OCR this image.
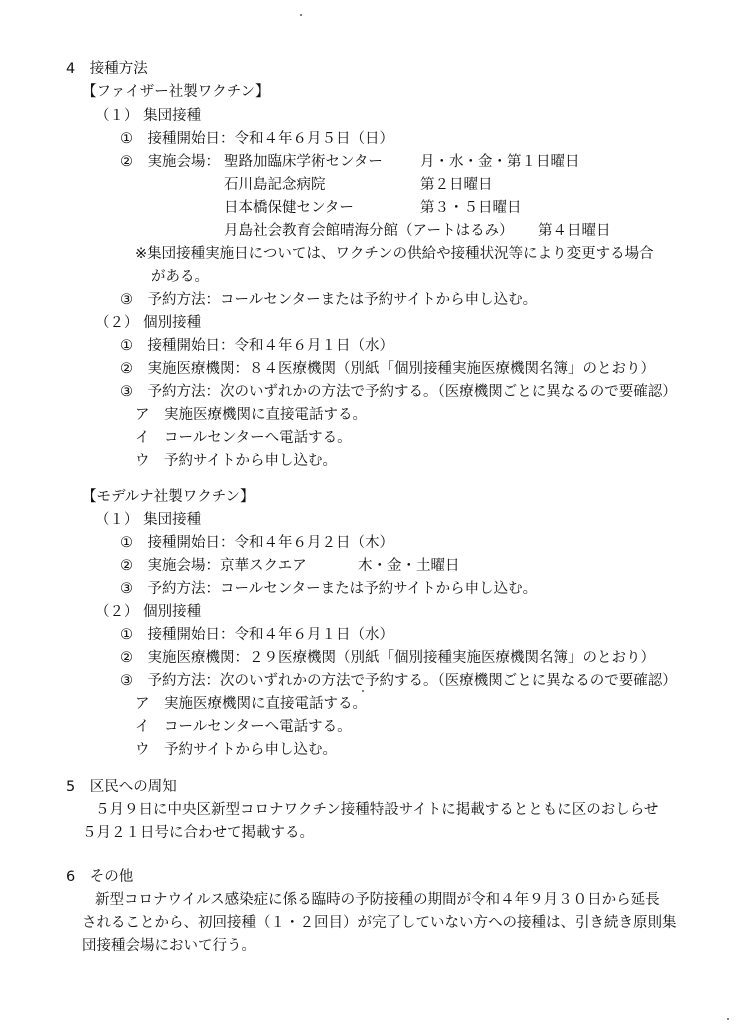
4　接種方法
【ファイザー社製ワクチン】
（１） 集団接種
①　接種開始日：令和４年６月５日（日）
②　実施会場： 聖路加臨床学術センター	月・水・金・第１日曜日
石川島記念病院	第２日曜日
日本橋保健センター	第３・５日曜日
月島社会教育会館晴海分館（アートはるみ） 第４日曜日
※集団接種実施日については、ワクチンの供給や接種状況等により変更する場合
がある。
③　予約方法：コールセンターまたは予約サイトから申し込む。
（２） 個別接種
①　接種開始日：令和４年６月１日（水）
②　実施医療機関：８４医療機関（別紙「個別接種実施医療機関名簿」のとおり）
③　予約方法：次のいずれかの方法で予約する。（医療機関ごとに異なるので要確認）
ア　実施医療機関に直接電話する。
イ　コールセンターへ電話する。
ウ　予約サイトから申し込む。
【モデルナ社製ワクチン】
（１） 集団接種
①　接種開始日：令和４年６月２日（木）
②　実施会場：京華スクエア	木・金・土曜日
③　予約方法：コールセンターまたは予約サイトから申し込む。
（２） 個別接種
①　接種開始日：令和４年６月１日（水）
②　実施医療機関：２９医療機関（別紙「個別接種実施医療機関名簿」のとおり）
③　予約方法：次のいずれかの方法で予約する。（医療機関ごとに異なるので要確認）
ア　実施医療機関に直接電話する。
イ　コールセンターへ電話する。
ウ　予約サイトから申し込む。
5　区民への周知
５月９日に中央区新型コロナワクチン接種特設サイトに掲載するとともに区のおしらせ
５月２１日号に合わせて掲載する。
6　その他
新型コロナウイルス感染症に係る臨時の予防接種の期間が令和４年９月３０日から延長
されることから、初回接種（１・２回目）が完了していない方への接種は、引き続き原則集
団接種会場において行う。
